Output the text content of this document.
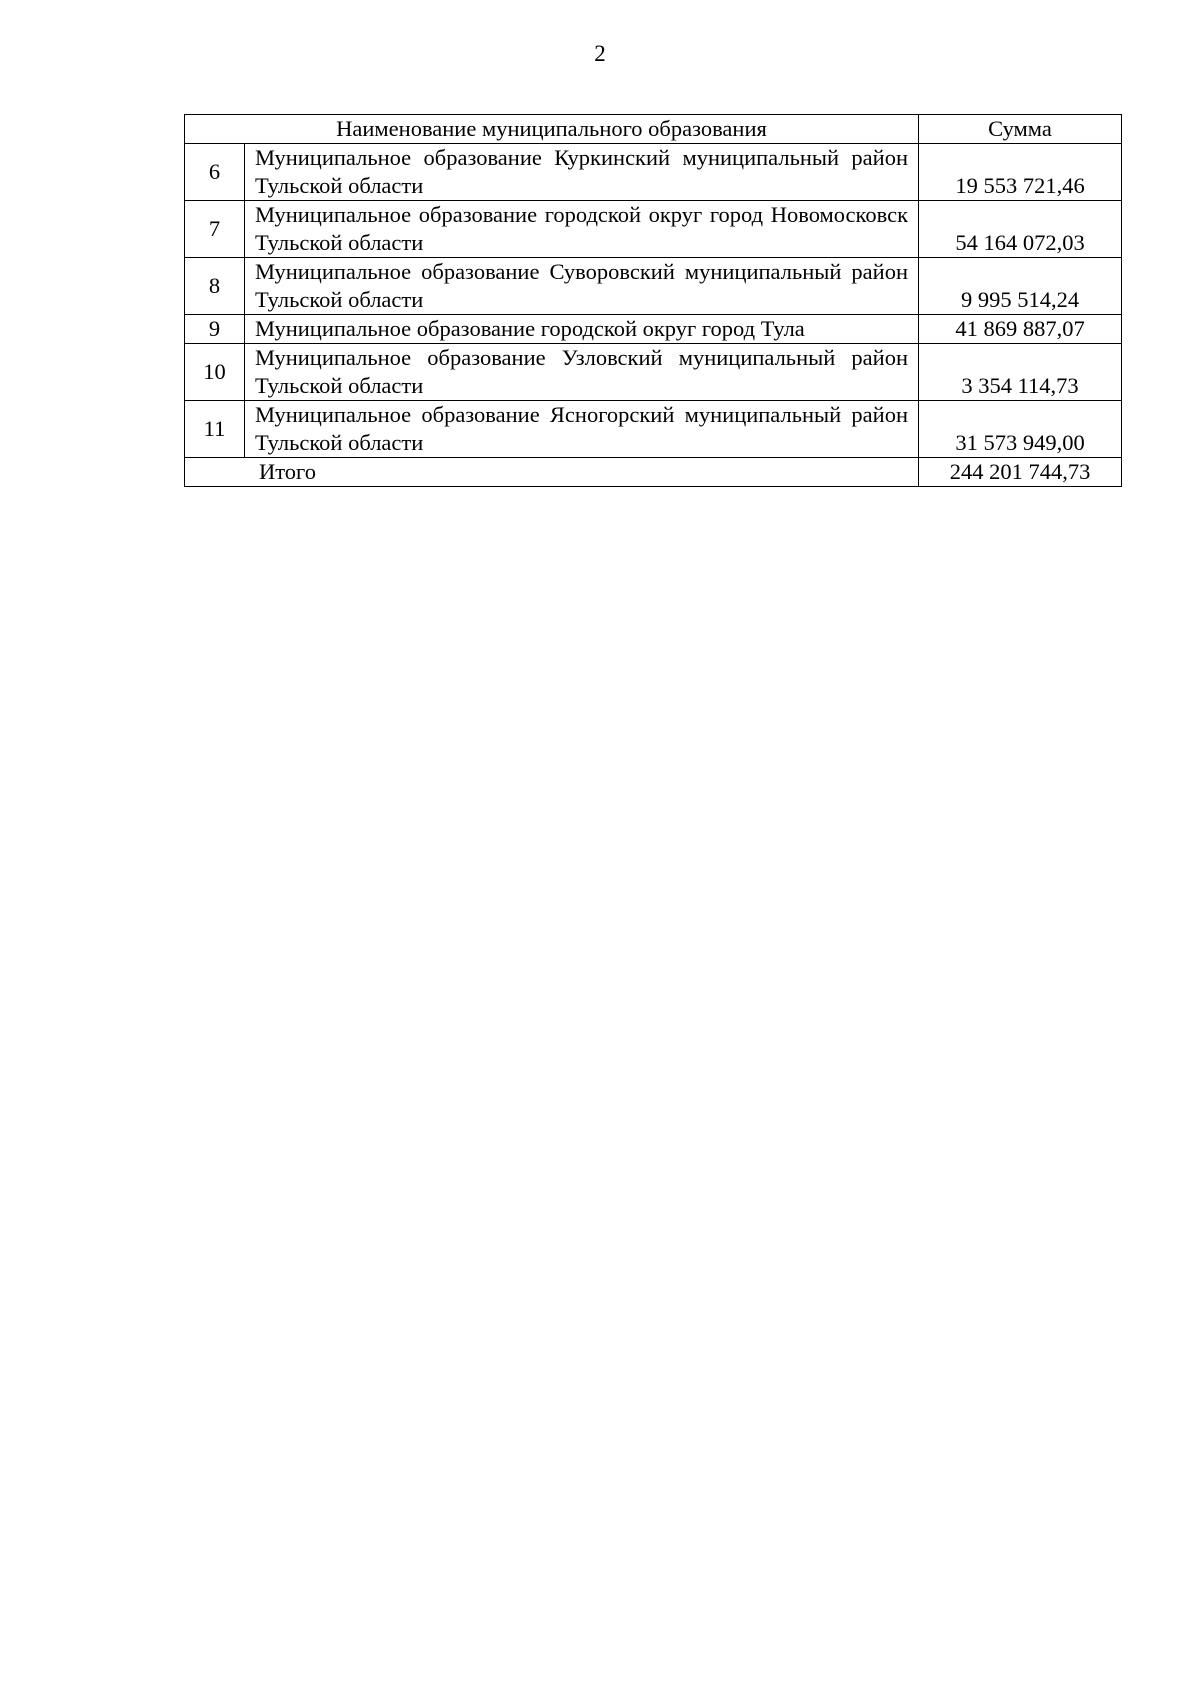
2
Наименование муниципального образования		Сумма
6	Муниципальное образование Куркинский муниципальный район Тульской области	19 553 721,46
7	Муниципальное образование городской округ город Новомосковск Тульской области	54 164 072,03
8	Муниципальное образование Суворовский муниципальный район Тульской области	9 995 514,24
9	Муниципальное образование городской округ город Тула	41 869 887,07
10	Муниципальное образование Узловский муниципальный район Тульской области	3 354 114,73
11	Муниципальное образование Ясногорский муниципальный район Тульской области	31 573 949,00
Итого		244 201 744,73
